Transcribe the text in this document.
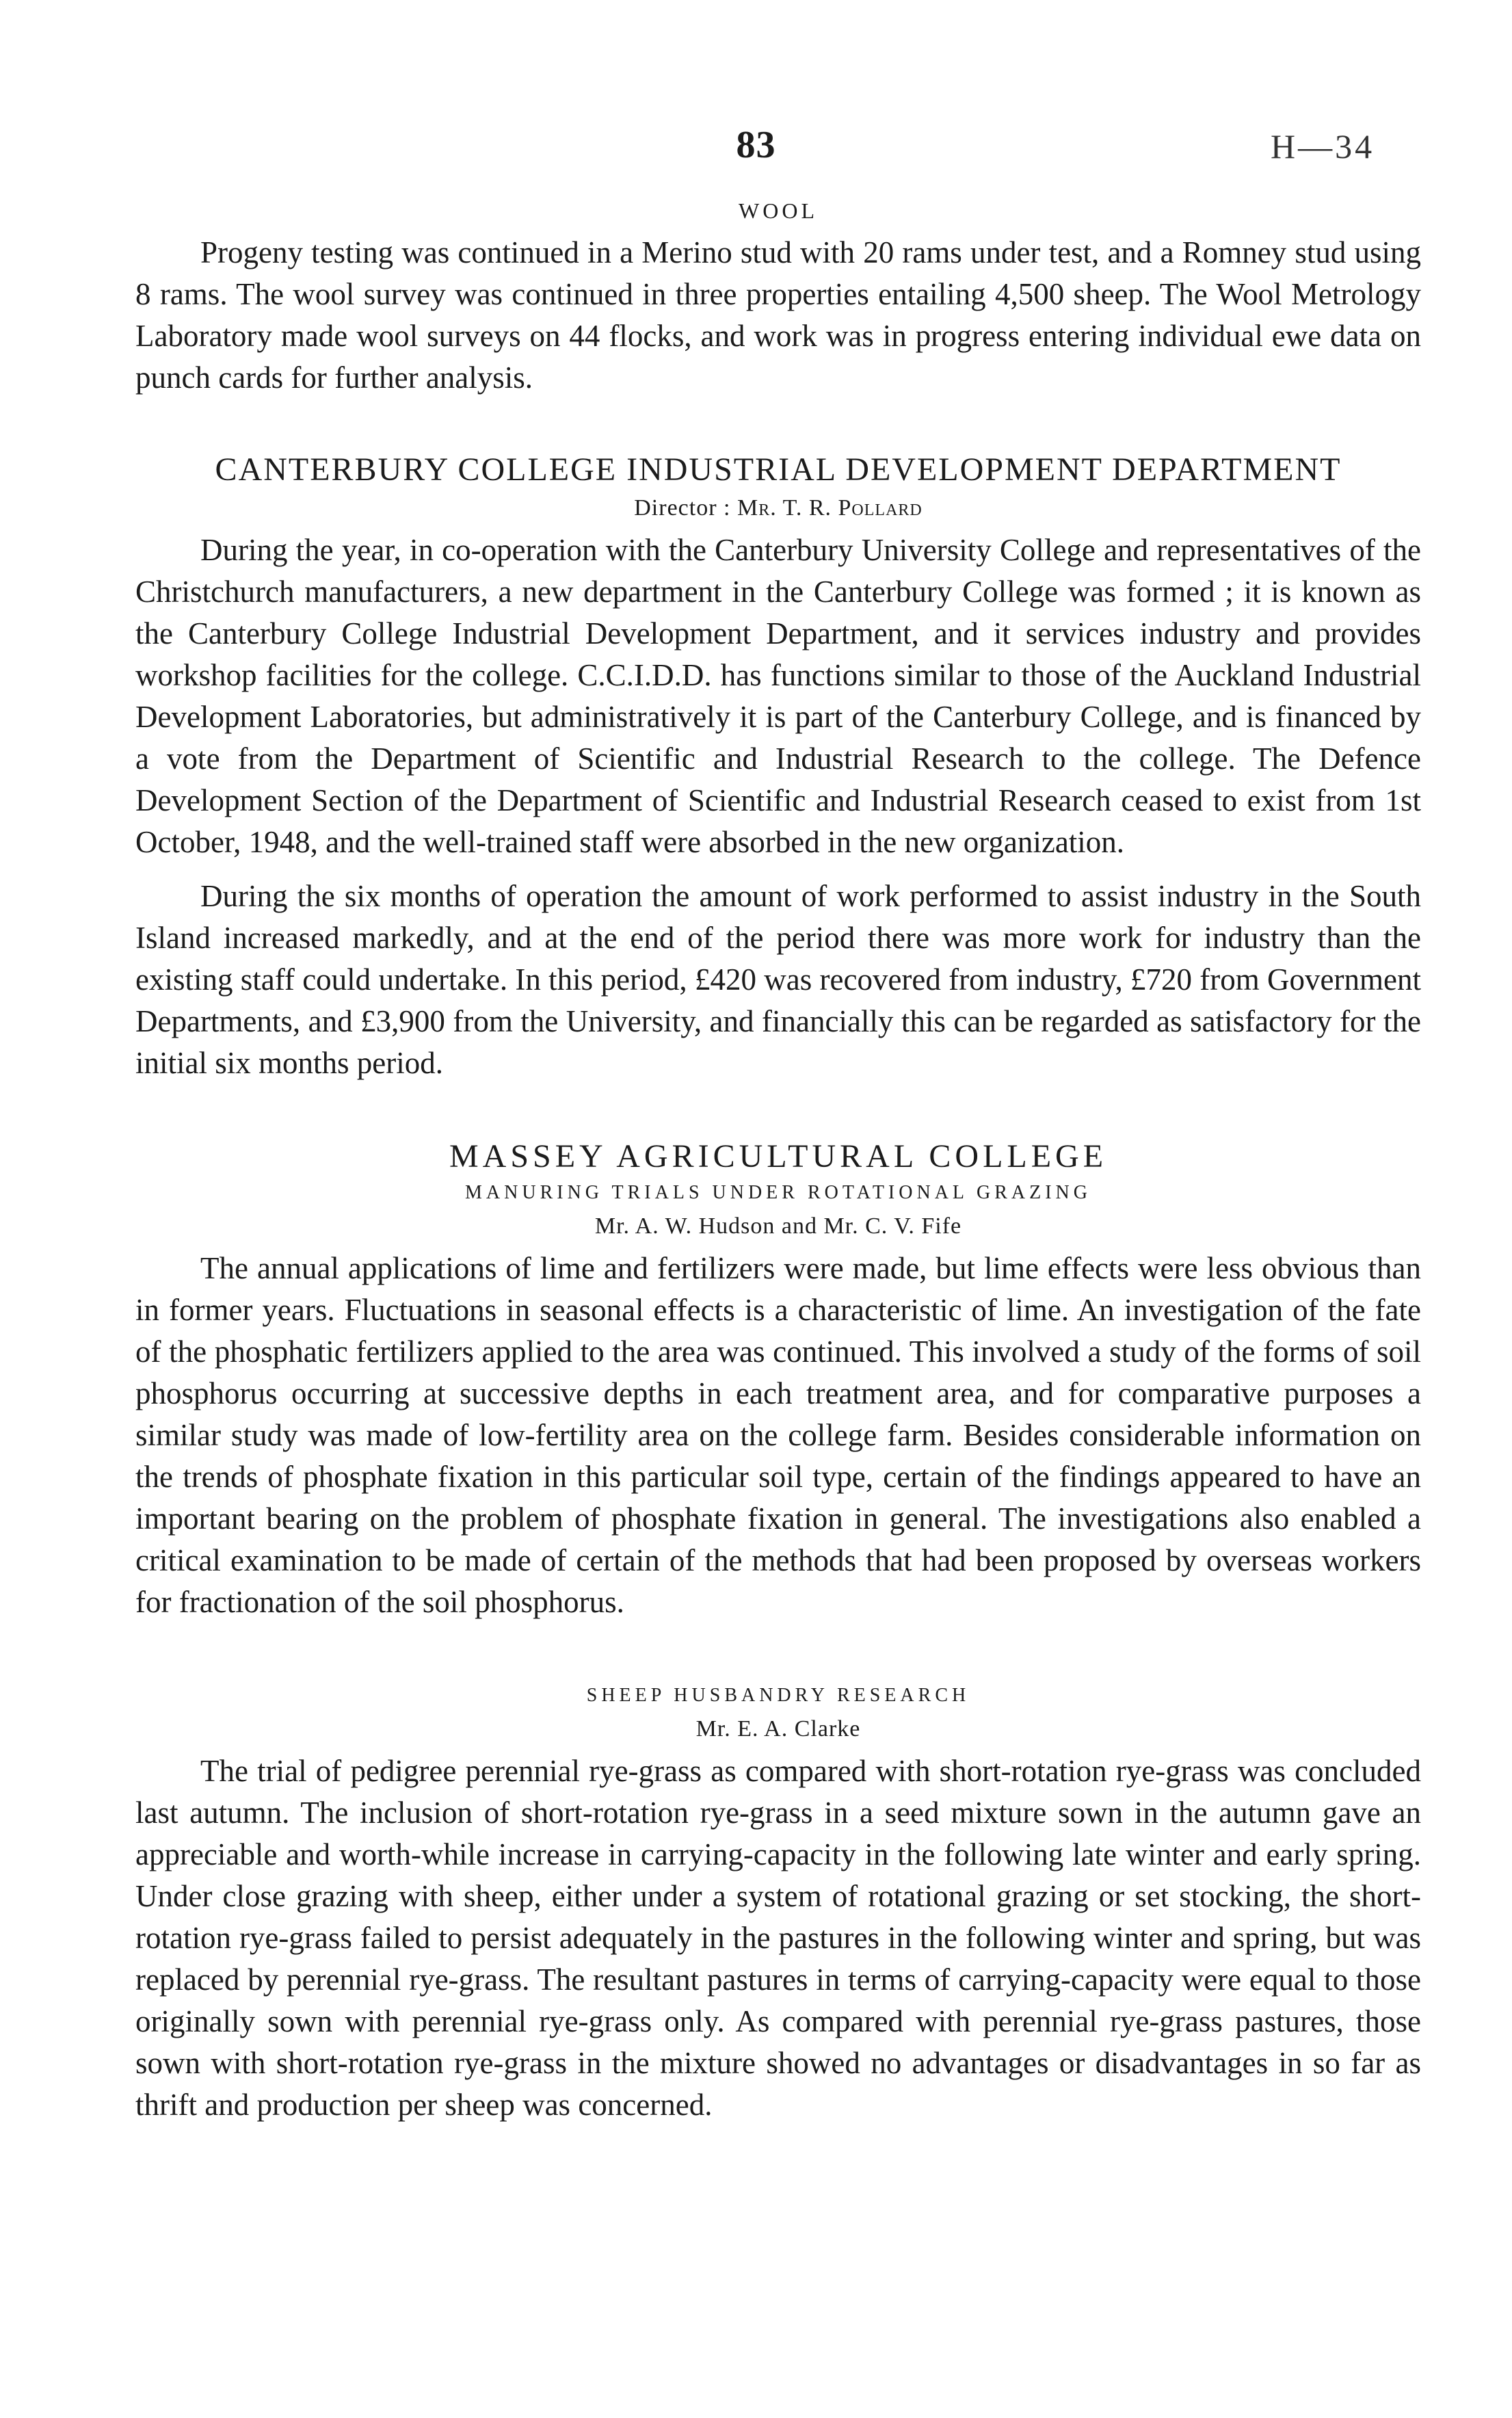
83	H—34
WOOL

Progeny testing was continued in a Merino stud with 20 rams under test, and a Romney stud using 8 rams. The wool survey was continued in three properties entailing 4,500 sheep. The Wool Metrology Laboratory made wool surveys on 44 flocks, and work was in progress entering individual ewe data on punch cards for further analysis.

CANTERBURY COLLEGE INDUSTRIAL DEVELOPMENT DEPARTMENT
Director : Mr. T. R. Pollard

During the year, in co-operation with the Canterbury University College and representatives of the Christchurch manufacturers, a new department in the Canterbury College was formed ; it is known as the Canterbury College Industrial Development Department, and it services industry and provides workshop facilities for the college. C.C.I.D.D. has functions similar to those of the Auckland Industrial Development Laboratories, but administratively it is part of the Canterbury College, and is financed by a vote from the Department of Scientific and Industrial Research to the college. The Defence Development Section of the Department of Scientific and Industrial Research ceased to exist from 1st October, 1948, and the well-trained staff were absorbed in the new organization.

During the six months of operation the amount of work performed to assist industry in the South Island increased markedly, and at the end of the period there was more work for industry than the existing staff could undertake. In this period, £420 was recovered from industry, £720 from Government Departments, and £3,900 from the University, and financially this can be regarded as satisfactory for the initial six months period.

MASSEY AGRICULTURAL COLLEGE
MANURING TRIALS UNDER ROTATIONAL GRAZING
Mr. A. W. Hudson and Mr. C. V. Fife

The annual applications of lime and fertilizers were made, but lime effects were less obvious than in former years. Fluctuations in seasonal effects is a characteristic of lime. An investigation of the fate of the phosphatic fertilizers applied to the area was continued. This involved a study of the forms of soil phosphorus occurring at successive depths in each treatment area, and for comparative purposes a similar study was made of low-fertility area on the college farm. Besides considerable information on the trends of phosphate fixation in this particular soil type, certain of the findings appeared to have an important bearing on the problem of phosphate fixation in general. The investigations also enabled a critical examination to be made of certain of the methods that had been proposed by overseas workers for fractionation of the soil phosphorus.

SHEEP HUSBANDRY RESEARCH
Mr. E. A. Clarke

The trial of pedigree perennial rye-grass as compared with short-rotation rye-grass was concluded last autumn. The inclusion of short-rotation rye-grass in a seed mixture sown in the autumn gave an appreciable and worth-while increase in carrying-capacity in the following late winter and early spring. Under close grazing with sheep, either under a system of rotational grazing or set stocking, the short-rotation rye-grass failed to persist adequately in the pastures in the following winter and spring, but was replaced by perennial rye-grass. The resultant pastures in terms of carrying-capacity were equal to those originally sown with perennial rye-grass only. As compared with perennial rye-grass pastures, those sown with short-rotation rye-grass in the mixture showed no advantages or disadvantages in so far as thrift and production per sheep was concerned.
